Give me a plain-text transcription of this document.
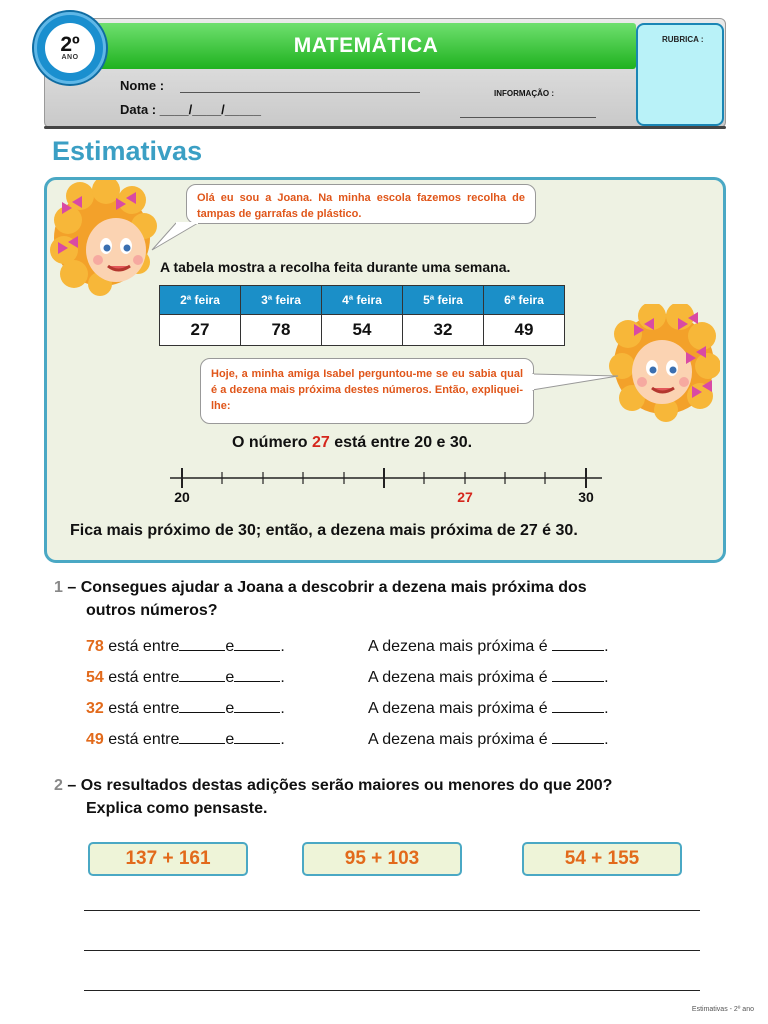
MATEMÁTICA	RUBRICA :
2º
ANO
Nome :
Data : ____/____/_____
INFORMAÇÃO :
Estimativas
Olá eu sou a Joana. Na minha escola fazemos recolha de tampas de garrafas de plástico.
A tabela mostra a recolha feita durante uma semana.
2ª feira	3ª feira	4ª feira	5ª feira	6ª feira
27	78	54	32	49
Hoje, a minha amiga Isabel perguntou-me se eu sabia qual é a dezena mais próxima destes números. Então, expliquei-lhe:
O número 27 está entre 20 e 30.
20	27	30
Fica mais próximo de 30; então, a dezena mais próxima de 27 é 30.
1 – Consegues ajudar a Joana a descobrir a dezena mais próxima dos
outros números?
78 está entre	e	.	A dezena mais próxima é	.
54 está entre	e	.	A dezena mais próxima é	.
32 está entre	e	.	A dezena mais próxima é	.
49 está entre	e	.	A dezena mais próxima é	.
2 – Os resultados destas adições serão maiores ou menores do que 200?
Explica como pensaste.
137 + 161	95 + 103	54 + 155
Estimativas - 2º ano
